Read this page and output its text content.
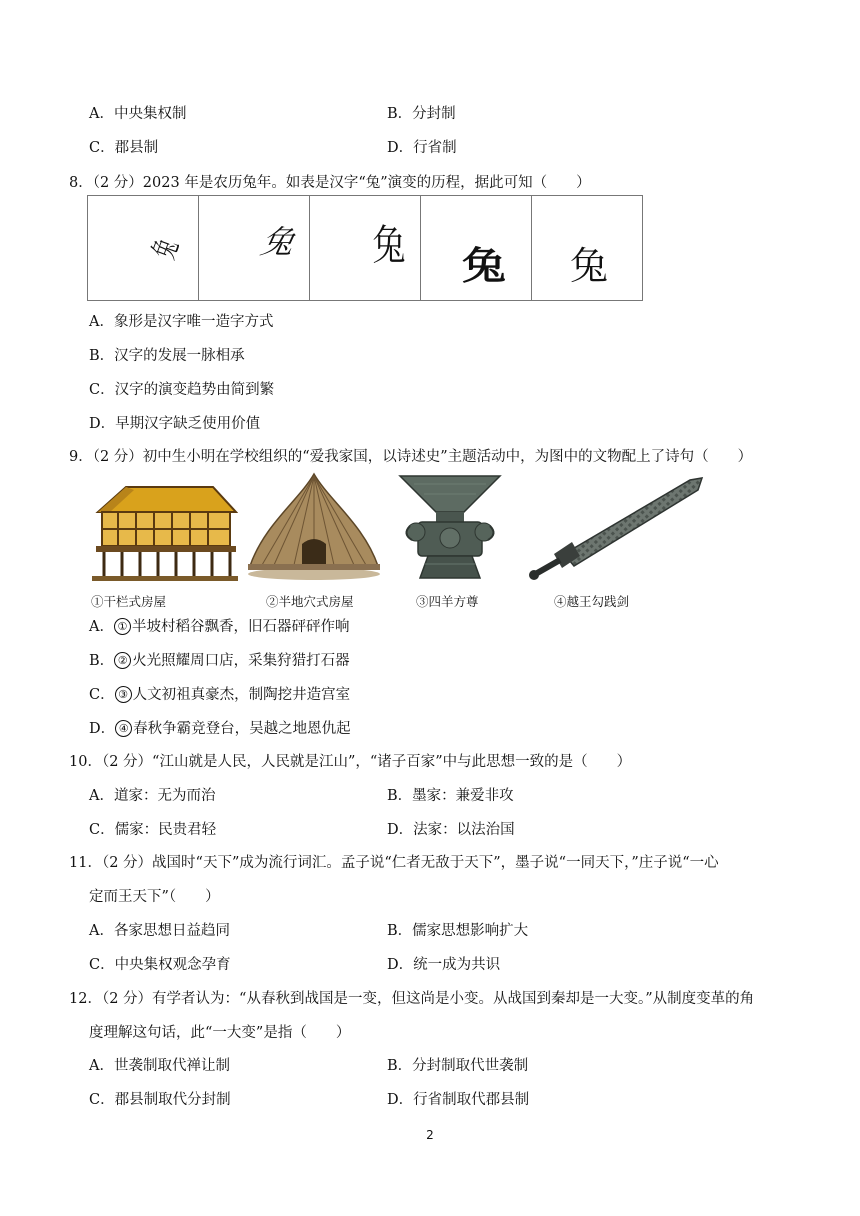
A．中央集权制	B．分封制
C．郡县制	D．行省制
8．（2 分）2023 年是农历兔年。如表是汉字“兔”演变的历程，据此可知（　　）
兔	兔	兔	兔	兔
A．象形是汉字唯一造字方式
B．汉字的发展一脉相承
C．汉字的演变趋势由简到繁
D．早期汉字缺乏使用价值
9．（2 分）初中生小明在学校组织的“爱我家国，以诗述史”主题活动中，为图中的文物配上了诗句（　　）
①干栏式房屋	②半地穴式房屋	③四羊方尊	④越王勾践剑
A． ① 半坡村稻谷飘香，旧石器砰砰作响
B． ② 火光照耀周口店，采集狩猎打石器
C． ③ 人文初祖真豪杰，制陶挖井造宫室
D． ④ 春秋争霸竞登台，吴越之地恩仇起
10．（2 分）“江山就是人民，人民就是江山”，“诸子百家”中与此思想一致的是（　　）
A．道家：无为而治	B．墨家：兼爱非攻
C．儒家：民贵君轻	D．法家：以法治国
11．（2 分）战国时“天下”成为流行词汇。孟子说“仁者无敌于天下”，墨子说“一同天下，”庄子说“一心
定而王天下”（　　）
A．各家思想日益趋同	B．儒家思想影响扩大
C．中央集权观念孕育	D．统一成为共识
12．（2 分）有学者认为：“从春秋到战国是一变，但这尚是小变。从战国到秦却是一大变。”从制度变革的角
度理解这句话，此“一大变”是指（　　）
A．世袭制取代禅让制	B．分封制取代世袭制
C．郡县制取代分封制	D．行省制取代郡县制
2
